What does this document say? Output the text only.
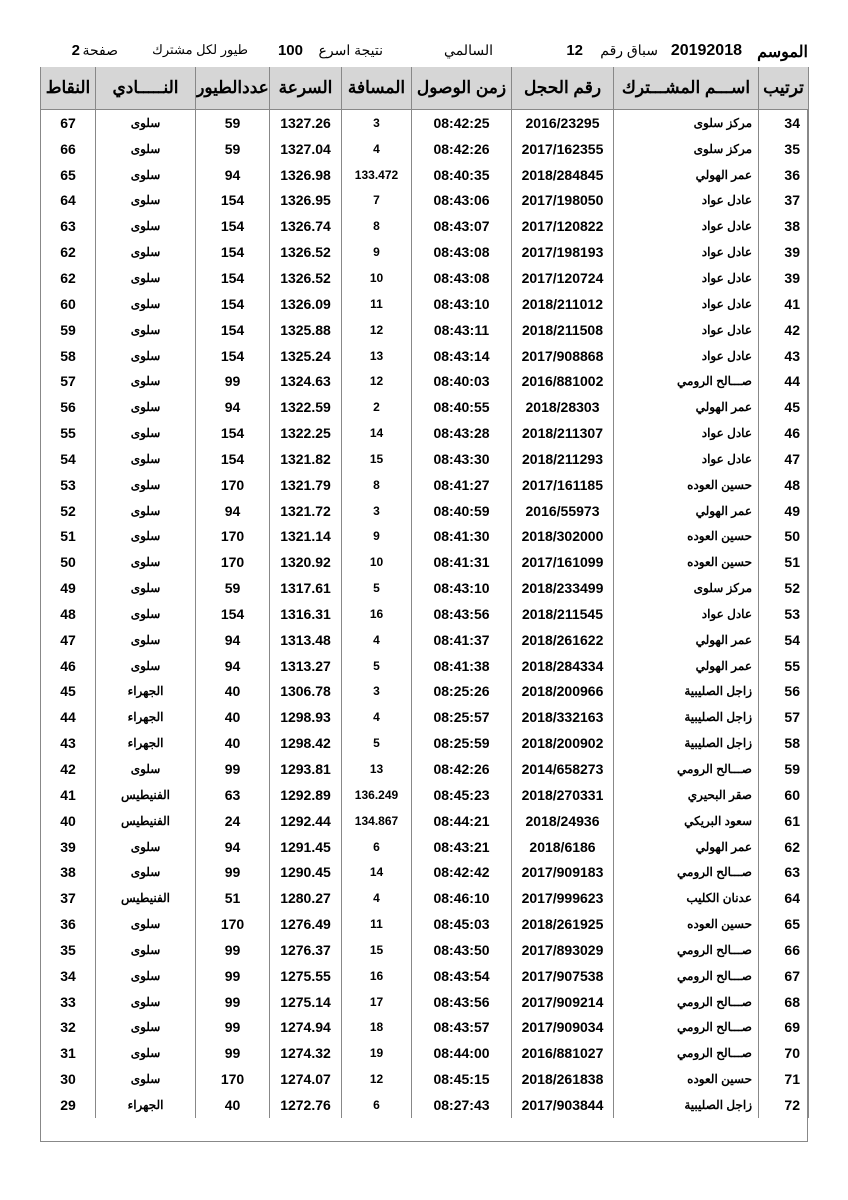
الموسم
20192018
سباق رقم
12
السالمي
نتيجة اسرع
100
طيور لكل مشترك
صفحة
2
ترتيب	اســـم المشـــترك	رقم الحجل	زمن الوصول	المسافة	السرعة	عددالطيور	النـــــادي	النقاط
34	مركز سلوى	2016/23295	08:42:25	3	1327.26	59	سلوى	67
35	مركز سلوى	2017/162355	08:42:26	4	1327.04	59	سلوى	66
36	عمر الهولي	2018/284845	08:40:35	133.472	1326.98	94	سلوى	65
37	عادل عواد	2017/198050	08:43:06	7	1326.95	154	سلوى	64
38	عادل عواد	2017/120822	08:43:07	8	1326.74	154	سلوى	63
39	عادل عواد	2017/198193	08:43:08	9	1326.52	154	سلوى	62
39	عادل عواد	2017/120724	08:43:08	10	1326.52	154	سلوى	62
41	عادل عواد	2018/211012	08:43:10	11	1326.09	154	سلوى	60
42	عادل عواد	2018/211508	08:43:11	12	1325.88	154	سلوى	59
43	عادل عواد	2017/908868	08:43:14	13	1325.24	154	سلوى	58
44	صـــالح الرومي	2016/881002	08:40:03	12	1324.63	99	سلوى	57
45	عمر الهولي	2018/28303	08:40:55	2	1322.59	94	سلوى	56
46	عادل عواد	2018/211307	08:43:28	14	1322.25	154	سلوى	55
47	عادل عواد	2018/211293	08:43:30	15	1321.82	154	سلوى	54
48	حسين العوده	2017/161185	08:41:27	8	1321.79	170	سلوى	53
49	عمر الهولي	2016/55973	08:40:59	3	1321.72	94	سلوى	52
50	حسين العوده	2018/302000	08:41:30	9	1321.14	170	سلوى	51
51	حسين العوده	2017/161099	08:41:31	10	1320.92	170	سلوى	50
52	مركز سلوى	2018/233499	08:43:10	5	1317.61	59	سلوى	49
53	عادل عواد	2018/211545	08:43:56	16	1316.31	154	سلوى	48
54	عمر الهولي	2018/261622	08:41:37	4	1313.48	94	سلوى	47
55	عمر الهولي	2018/284334	08:41:38	5	1313.27	94	سلوى	46
56	زاجل الصليبية	2018/200966	08:25:26	3	1306.78	40	الجهراء	45
57	زاجل الصليبية	2018/332163	08:25:57	4	1298.93	40	الجهراء	44
58	زاجل الصليبية	2018/200902	08:25:59	5	1298.42	40	الجهراء	43
59	صـــالح الرومي	2014/658273	08:42:26	13	1293.81	99	سلوى	42
60	صقر البحيري	2018/270331	08:45:23	136.249	1292.89	63	الفنيطيس	41
61	سعود البريكي	2018/24936	08:44:21	134.867	1292.44	24	الفنيطيس	40
62	عمر الهولي	2018/6186	08:43:21	6	1291.45	94	سلوى	39
63	صـــالح الرومي	2017/909183	08:42:42	14	1290.45	99	سلوى	38
64	عدنان الكليب	2017/999623	08:46:10	4	1280.27	51	الفنيطيس	37
65	حسين العوده	2018/261925	08:45:03	11	1276.49	170	سلوى	36
66	صـــالح الرومي	2017/893029	08:43:50	15	1276.37	99	سلوى	35
67	صـــالح الرومي	2017/907538	08:43:54	16	1275.55	99	سلوى	34
68	صـــالح الرومي	2017/909214	08:43:56	17	1275.14	99	سلوى	33
69	صـــالح الرومي	2017/909034	08:43:57	18	1274.94	99	سلوى	32
70	صـــالح الرومي	2016/881027	08:44:00	19	1274.32	99	سلوى	31
71	حسين العوده	2018/261838	08:45:15	12	1274.07	170	سلوى	30
72	زاجل الصليبية	2017/903844	08:27:43	6	1272.76	40	الجهراء	29
